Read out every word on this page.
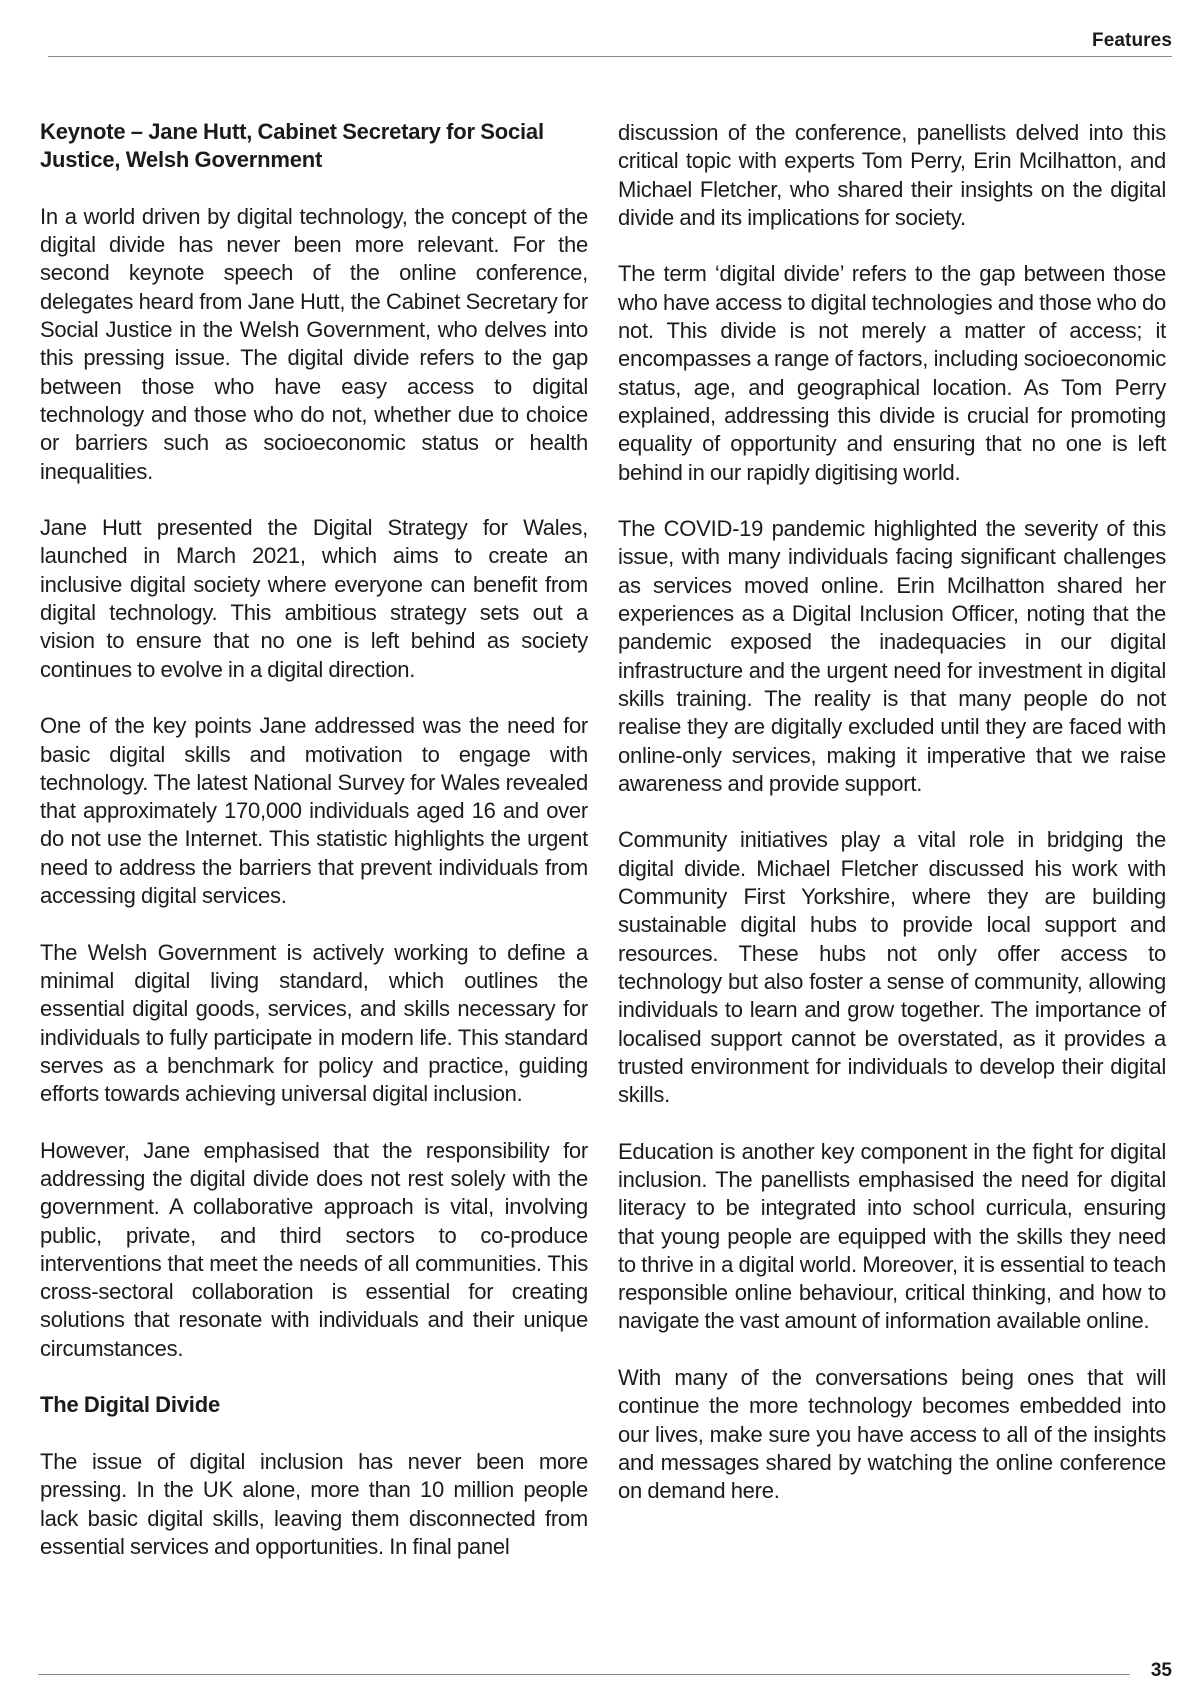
Features
Keynote – Jane Hutt, Cabinet Secretary for Social Justice, Welsh Government

In a world driven by digital technology, the concept of the digital divide has never been more relevant. For the second keynote speech of the online conference, delegates heard from Jane Hutt, the Cabinet Secretary for Social Justice in the Welsh Government, who delves into this pressing issue. The digital divide refers to the gap between those who have easy access to digital technology and those who do not, whether due to choice or barriers such as socioeconomic status or health inequalities.

Jane Hutt presented the Digital Strategy for Wales, launched in March 2021, which aims to create an inclusive digital society where everyone can benefit from digital technology. This ambitious strategy sets out a vision to ensure that no one is left behind as society continues to evolve in a digital direction.

One of the key points Jane addressed was the need for basic digital skills and motivation to engage with technology. The latest National Survey for Wales revealed that approximately 170,000 individuals aged 16 and over do not use the Internet. This statistic highlights the urgent need to address the barriers that prevent individuals from accessing digital services.

The Welsh Government is actively working to define a minimal digital living standard, which outlines the essential digital goods, services, and skills necessary for individuals to fully participate in modern life. This standard serves as a benchmark for policy and practice, guiding efforts towards achieving universal digital inclusion.

However, Jane emphasised that the responsibility for addressing the digital divide does not rest solely with the government. A collaborative approach is vital, involving public, private, and third sectors to co-produce interventions that meet the needs of all communities. This cross-sectoral collaboration is essential for creating solutions that resonate with individuals and their unique circumstances.

The Digital Divide

The issue of digital inclusion has never been more pressing. In the UK alone, more than 10 million people lack basic digital skills, leaving them disconnected from essential services and opportunities. In final panel

discussion of the conference, panellists delved into this critical topic with experts Tom Perry, Erin Mcilhatton, and Michael Fletcher, who shared their insights on the digital divide and its implications for society.

The term ‘digital divide’ refers to the gap between those who have access to digital technologies and those who do not. This divide is not merely a matter of access; it encompasses a range of factors, including socioeconomic status, age, and geographical location. As Tom Perry explained, addressing this divide is crucial for promoting equality of opportunity and ensuring that no one is left behind in our rapidly digitising world.

The COVID-19 pandemic highlighted the severity of this issue, with many individuals facing significant challenges as services moved online. Erin Mcilhatton shared her experiences as a Digital Inclusion Officer, noting that the pandemic exposed the inadequacies in our digital infrastructure and the urgent need for investment in digital skills training. The reality is that many people do not realise they are digitally excluded until they are faced with online-only services, making it imperative that we raise awareness and provide support.

Community initiatives play a vital role in bridging the digital divide. Michael Fletcher discussed his work with Community First Yorkshire, where they are building sustainable digital hubs to provide local support and resources. These hubs not only offer access to technology but also foster a sense of community, allowing individuals to learn and grow together. The importance of localised support cannot be overstated, as it provides a trusted environment for individuals to develop their digital skills.

Education is another key component in the fight for digital inclusion. The panellists emphasised the need for digital literacy to be integrated into school curricula, ensuring that young people are equipped with the skills they need to thrive in a digital world. Moreover, it is essential to teach responsible online behaviour, critical thinking, and how to navigate the vast amount of information available online.

With many of the conversations being ones that will continue the more technology becomes embedded into our lives, make sure you have access to all of the insights and messages shared by watching the online conference on demand here.

35
